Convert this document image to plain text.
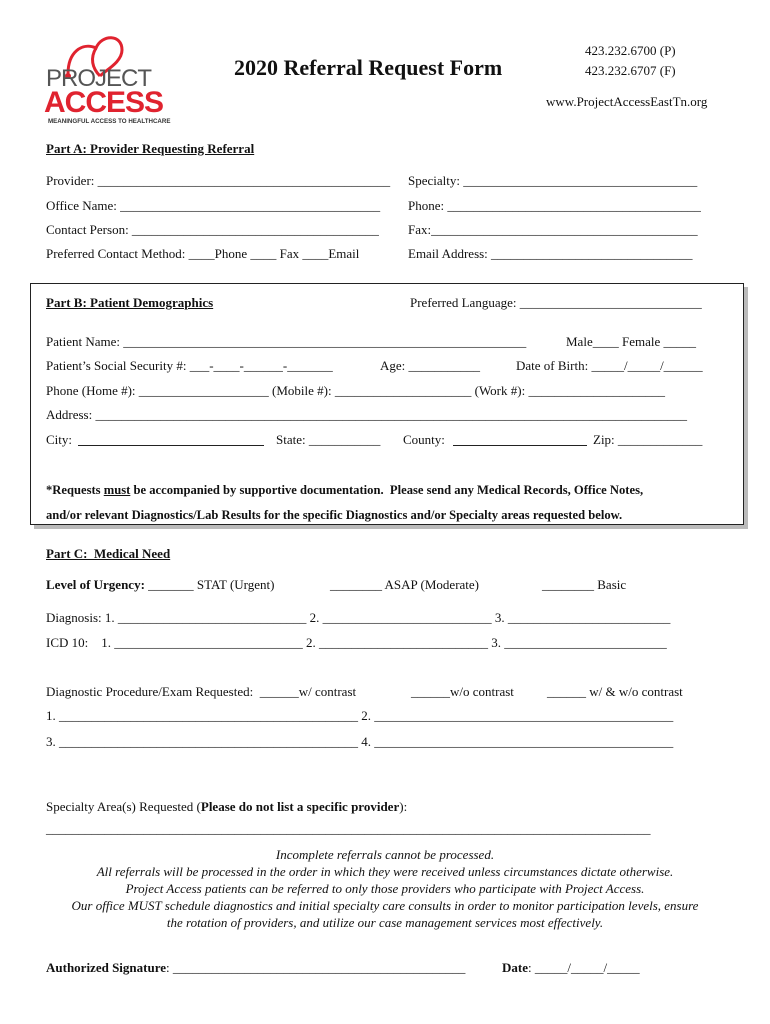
PROJECT
ACCESS
MEANINGFUL ACCESS TO HEALTHCARE
2020 Referral Request Form
423.232.6700 (P)
423.232.6707 (F)
www.ProjectAccessEastTn.org
Part A: Provider Requesting Referral
Provider: _____________________________________________ Specialty: ____________________________________
Office Name: ________________________________________ Phone: _______________________________________
Contact Person: ______________________________________ Fax:_________________________________________
Preferred Contact Method: ____Phone ____ Fax ____Email	Email Address: _______________________________
Part B: Patient Demographics	Preferred Language: ____________________________
Patient Name: ______________________________________________________________	Male____ Female _____
Patient’s Social Security #: ___-____-______-_______	Age: ___________	Date of Birth: _____/_____/______
Phone (Home #): ____________________ (Mobile #): _____________________ (Work #): _____________________
Address: ___________________________________________________________________________________________
City:	State: ___________ County:	Zip: _____________
*Requests must be accompanied by supportive documentation.  Please send any Medical Records, Office Notes,
and/or relevant Diagnostics/Lab Results for the specific Diagnostics and/or Specialty areas requested below.
Part C:  Medical Need
Level of Urgency: _______ STAT (Urgent)	________ ASAP (Moderate)	________ Basic
Diagnosis: 1. _____________________________ 2. __________________________ 3. _________________________
ICD 10:    1. _____________________________ 2. __________________________ 3. _________________________
Diagnostic Procedure/Exam Requested:  ______w/ contrast	______w/o contrast	______ w/ & w/o contrast
1. ______________________________________________ 2. ______________________________________________
3. ______________________________________________ 4. ______________________________________________
Specialty Area(s) Requested (Please do not list a specific provider):
_____________________________________________________________________________________________
Incomplete referrals cannot be processed.
All referrals will be processed in the order in which they were received unless circumstances dictate otherwise.
Project Access patients can be referred to only those providers who participate with Project Access.
Our office MUST schedule diagnostics and initial specialty care consults in order to monitor participation levels, ensure
the rotation of providers, and utilize our case management services most effectively.
Authorized Signature: _____________________________________________	Date: _____/_____/_____
